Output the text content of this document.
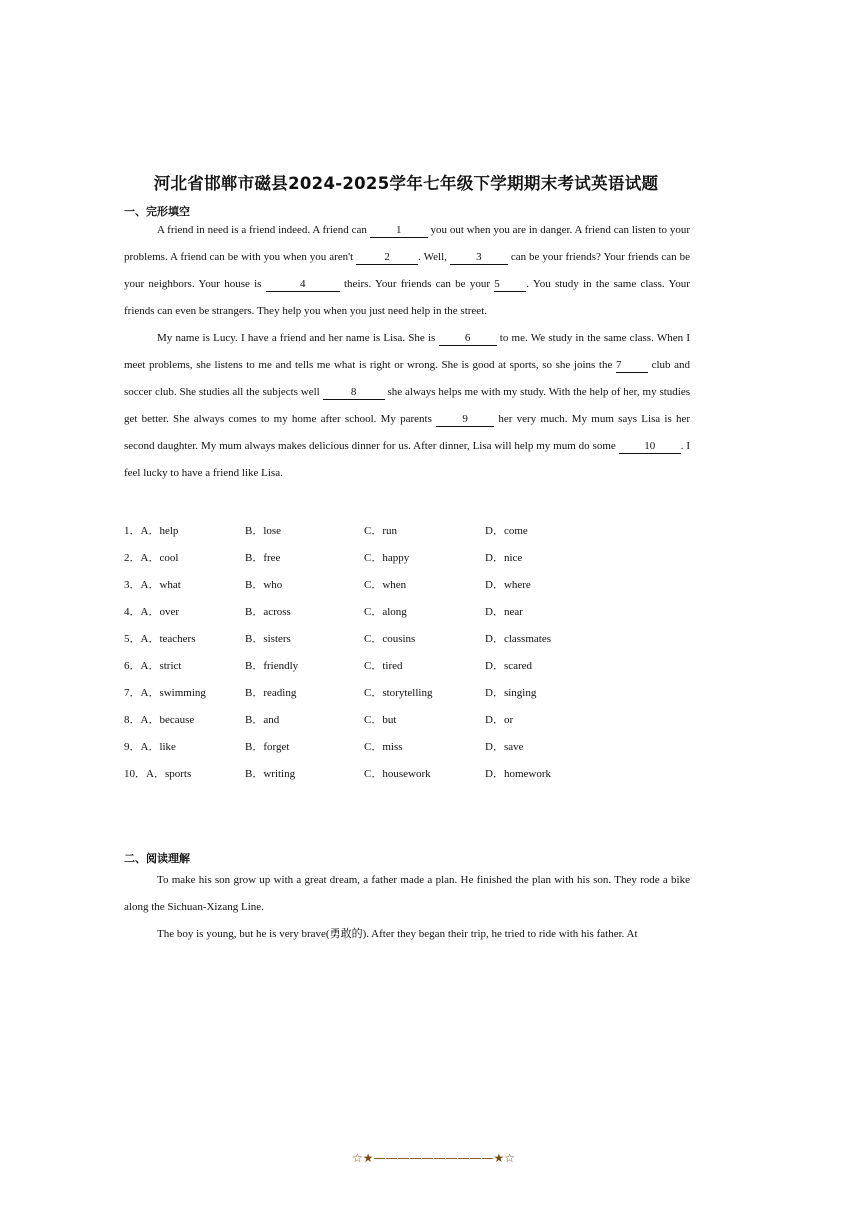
河北省邯郸市磁县2024-2025学年七年级下学期期末考试英语试题
一、完形填空

A friend in need is a friend indeed. A friend can 1 you out when you are in danger. A friend can listen to your problems. A friend can be with you when you aren't	2	. Well, 3 can be your friends? Your friends can be your neighbors. Your house is	4	theirs. Your friends can be your 5 . You study in the same class. Your friends can even be strangers. They help you when you just need help in the street.

My name is Lucy. I have a friend and her name is Lisa. She is 6 to me. We study in the same class. When I meet problems, she listens to me and tells me what is right or wrong. She is good at sports, so she joins the 7 club and soccer club. She studies all the subjects well	8	she always helps me with my study. With the help of her, my studies get better. She always comes to my home after school. My parents 9 her very much. My mum says Lisa is her second daughter. My mum always makes delicious dinner for us. After dinner, Lisa will help my mum do some 10 . I feel lucky to have a friend like Lisa.

1．A．help	B．lose	C．run	D．come
2．A．cool	B．free	C．happy	D．nice
3．A．what	B．who	C．when	D．where
4．A．over	B．across	C．along	D．near
5．A．teachers	B．sisters	C．cousins	D．classmates
6．A．strict	B．friendly	C．tired	D．scared
7．A．swimming	B．reading	C．storytelling	D．singing
8．A．because	B．and	C．but	D．or
9．A．like	B．forget	C．miss	D．save
10．A．sports	B．writing	C．housework	D．homework
二、阅读理解

To make his son grow up with a great dream, a father made a plan. He finished the plan with his son. They rode a bike along the Sichuan-Xizang Line.

The boy is young, but he is very brave(勇敢的). After they began their trip, he tried to ride with his father. At

☆★——————————★☆
